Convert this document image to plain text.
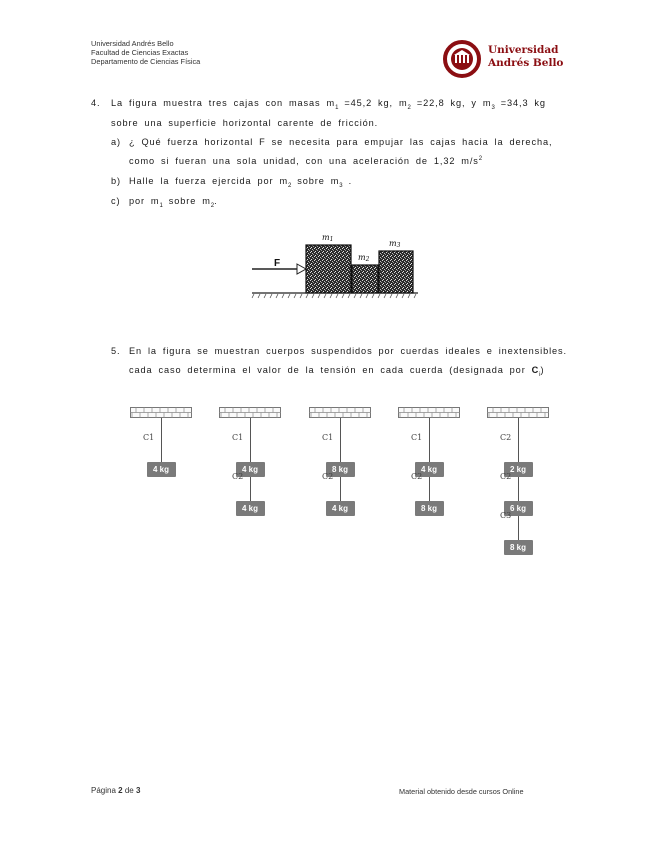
Universidad Andrés Bello
Facultad de Ciencias Exactas
Departamento de Ciencias Física
Universidad
Andrés Bello
4. La figura muestra tres cajas con masas $m_1 =45,2$ kg, $m_2 =22,8$ kg, y $m_3 =34,3$ kg
sobre una superficie horizontal carente de fricción.
a) ¿ Qué fuerza horizontal F se necesita para empujar las cajas hacia la derecha,
como si fueran una sola unidad, con una aceleración de 1,32 $m/s^2$
b) Halle la fuerza ejercida por $m_2$ sobre $m_3$ .
c) por $m_1$ sobre $m_2$.
F
m1
m2
m3
5. En la figura se muestran cuerpos suspendidos por cuerdas ideales e inextensibles.
cada caso determina el valor de la tensión en cada cuerda (designada por $C_i$)
C1
4 kg
C1
4 kg
C2
4 kg
C1
8 kg
C2
4 kg
C1
4 kg
C2
8 kg
C2
2 kg
C2
6 kg
C3
8 kg
Página 2 de 3	Material obtenido desde cursos Online
